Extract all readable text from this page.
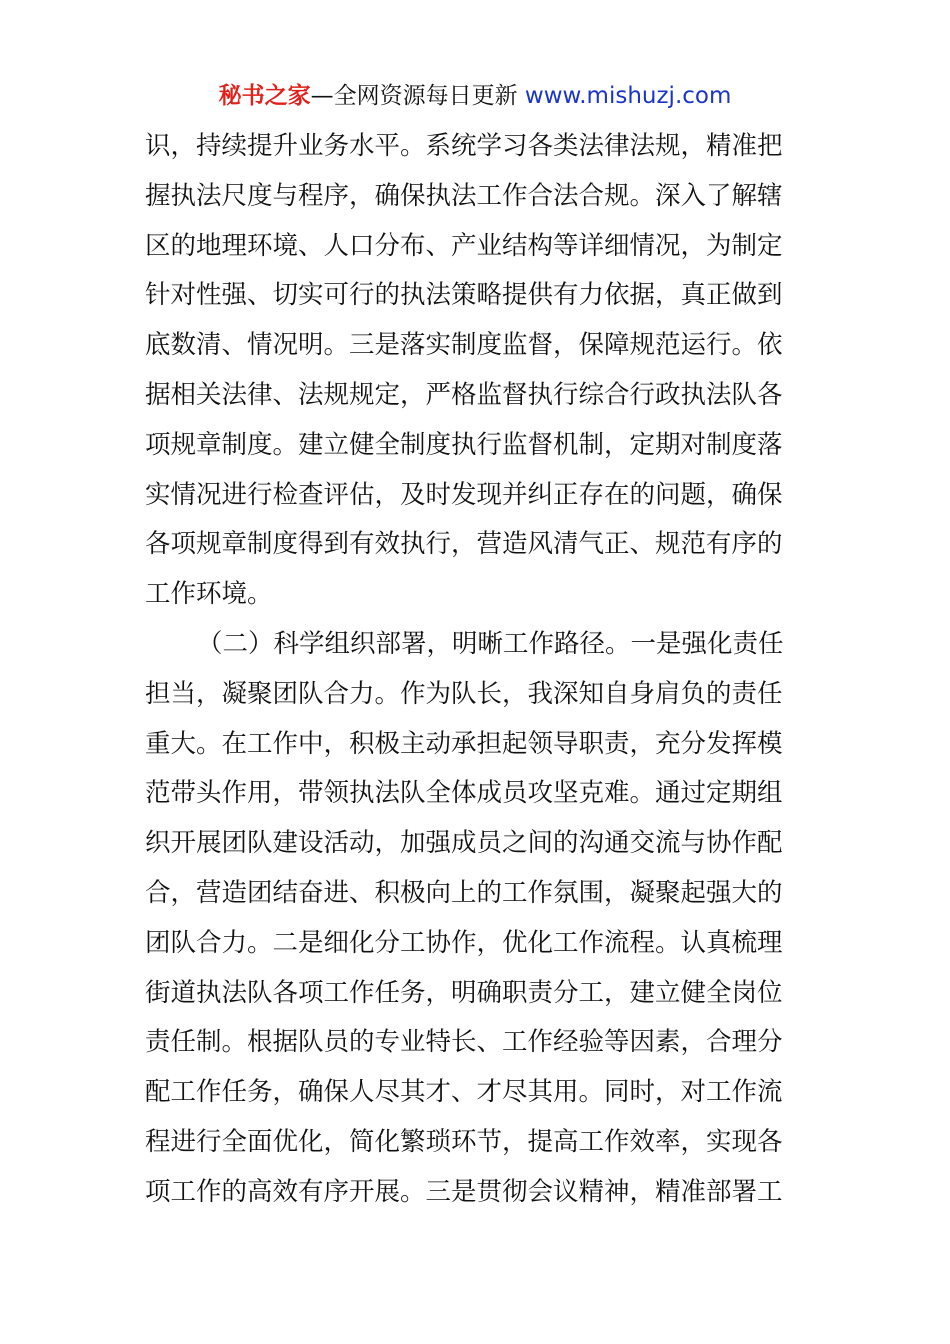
秘书之家—全网资源每日更新 www.mishuzj.com
识，持续提升业务水平。系统学习各类法律法规，精准把
握执法尺度与程序，确保执法工作合法合规。深入了解辖
区的地理环境、人口分布、产业结构等详细情况，为制定
针对性强、切实可行的执法策略提供有力依据，真正做到
底数清、情况明。三是落实制度监督，保障规范运行。依
据相关法律、法规规定，严格监督执行综合行政执法队各
项规章制度。建立健全制度执行监督机制，定期对制度落
实情况进行检查评估，及时发现并纠正存在的问题，确保
各项规章制度得到有效执行，营造风清气正、规范有序的
工作环境。
（二）科学组织部署，明晰工作路径。一是强化责任
担当，凝聚团队合力。作为队长，我深知自身肩负的责任
重大。在工作中，积极主动承担起领导职责，充分发挥模
范带头作用，带领执法队全体成员攻坚克难。通过定期组
织开展团队建设活动，加强成员之间的沟通交流与协作配
合，营造团结奋进、积极向上的工作氛围，凝聚起强大的
团队合力。二是细化分工协作，优化工作流程。认真梳理
街道执法队各项工作任务，明确职责分工，建立健全岗位
责任制。根据队员的专业特长、工作经验等因素，合理分
配工作任务，确保人尽其才、才尽其用。同时，对工作流
程进行全面优化，简化繁琐环节，提高工作效率，实现各
项工作的高效有序开展。三是贯彻会议精神，精准部署工
